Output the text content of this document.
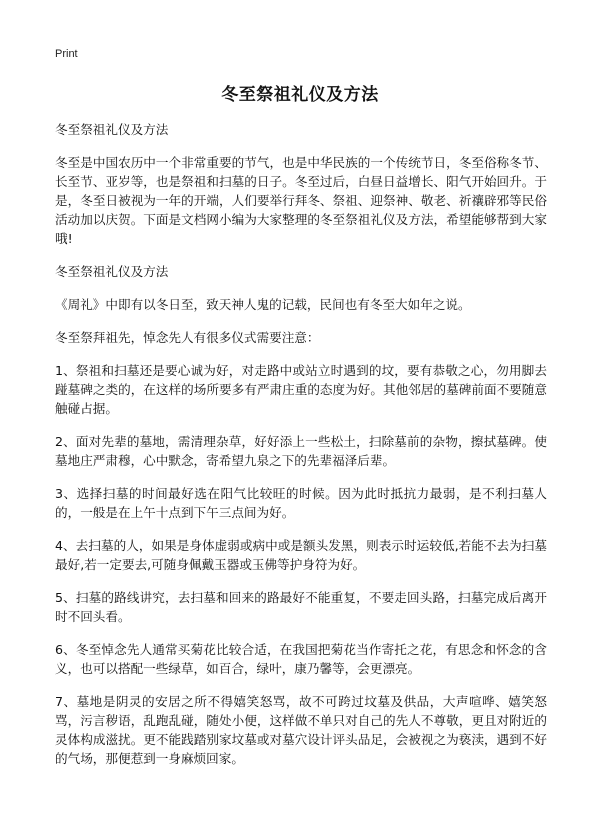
Print
冬至祭祖礼仪及方法

冬至祭祖礼仪及方法

冬至是中国农历中一个非常重要的节气，也是中华民族的一个传统节日，冬至俗称冬节、长至节、亚岁等，也是祭祖和扫墓的日子。冬至过后，白昼日益增长、阳气开始回升。于是，冬至日被视为一年的开端，人们要举行拜冬、祭祖、迎祭神、敬老、祈禳辟邪等民俗活动加以庆贺。下面是文档网小编为大家整理的冬至祭祖礼仪及方法，希望能够帮到大家哦!

冬至祭祖礼仪及方法

《周礼》中即有以冬日至，致天神人鬼的记载，民间也有冬至大如年之说。

冬至祭拜祖先，悼念先人有很多仪式需要注意：

1、祭祖和扫墓还是要心诚为好，对走路中或站立时遇到的坟，要有恭敬之心，勿用脚去踫墓碑之类的，在这样的场所要多有严肃庄重的态度为好。其他邻居的墓碑前面不要随意触碰占据。

2、面对先辈的墓地，需清理杂草，好好添上一些松土，扫除墓前的杂物，擦拭墓碑。使墓地庄严肃穆，心中默念，寄希望九泉之下的先辈福泽后辈。

3、选择扫墓的时间最好选在阳气比较旺的时候。因为此时抵抗力最弱，是不利扫墓人的，一般是在上午十点到下午三点间为好。

4、去扫墓的人，如果是身体虚弱或病中或是额头发黑，则表示时运较低,若能不去为扫墓最好,若一定要去,可随身佩戴玉器或玉佛等护身符为好。

5、扫墓的路线讲究，去扫墓和回来的路最好不能重复，不要走回头路，扫墓完成后离开时不回头看。

6、冬至悼念先人通常买菊花比较合适，在我国把菊花当作寄托之花，有思念和怀念的含义，也可以搭配一些绿草，如百合，绿叶，康乃馨等，会更漂亮。

7、墓地是阴灵的安居之所不得嬉笑怒骂，故不可跨过坟墓及供品，大声喧哗、嬉笑怒骂，污言秽语，乱跑乱碰，随处小便，这样做不单只对自己的先人不尊敬，更且对附近的灵体构成滋扰。更不能践踏别家坟墓或对墓穴设计评头品足，会被视之为亵渎，遇到不好的气场，那便惹到一身麻烦回家。
